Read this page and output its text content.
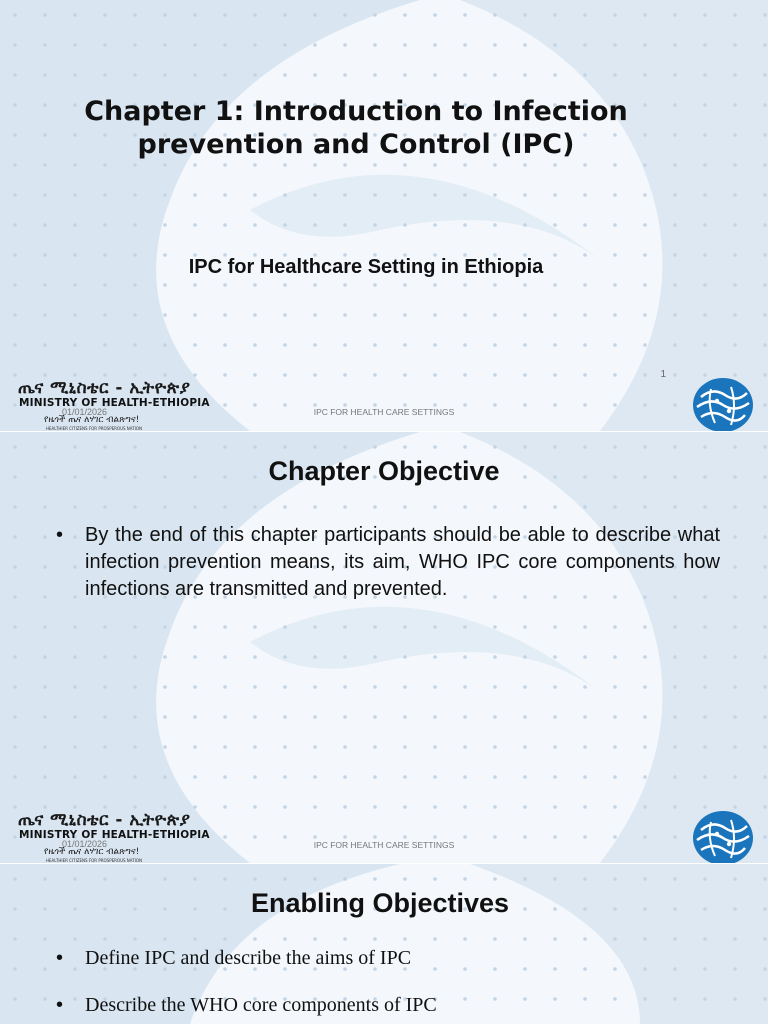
Chapter 1: Introduction to Infection prevention and Control (IPC)
IPC for Healthcare Setting in Ethiopia
1
ጤና ሚኒስቴር - ኢትዮጵያ
MINISTRY OF HEALTH-ETHIOPIA
የዜጎች ጤና ለሃገር ብልጽግና!
HEALTHIER CITIZENS FOR PROSPEROUS NATION
01/01/2026	IPC FOR HEALTH CARE SETTINGS
Chapter Objective
• By the end of this chapter participants should be able to describe what infection prevention means, its aim, WHO IPC core components how infections are transmitted and prevented.
ጤና ሚኒስቴር - ኢትዮጵያ
MINISTRY OF HEALTH-ETHIOPIA
የዜጎች ጤና ለሃገር ብልጽግና!
HEALTHIER CITIZENS FOR PROSPEROUS NATION
01/01/2026	IPC FOR HEALTH CARE SETTINGS
Enabling Objectives
• Define IPC and describe the aims of IPC
• Describe the WHO core components of IPC
